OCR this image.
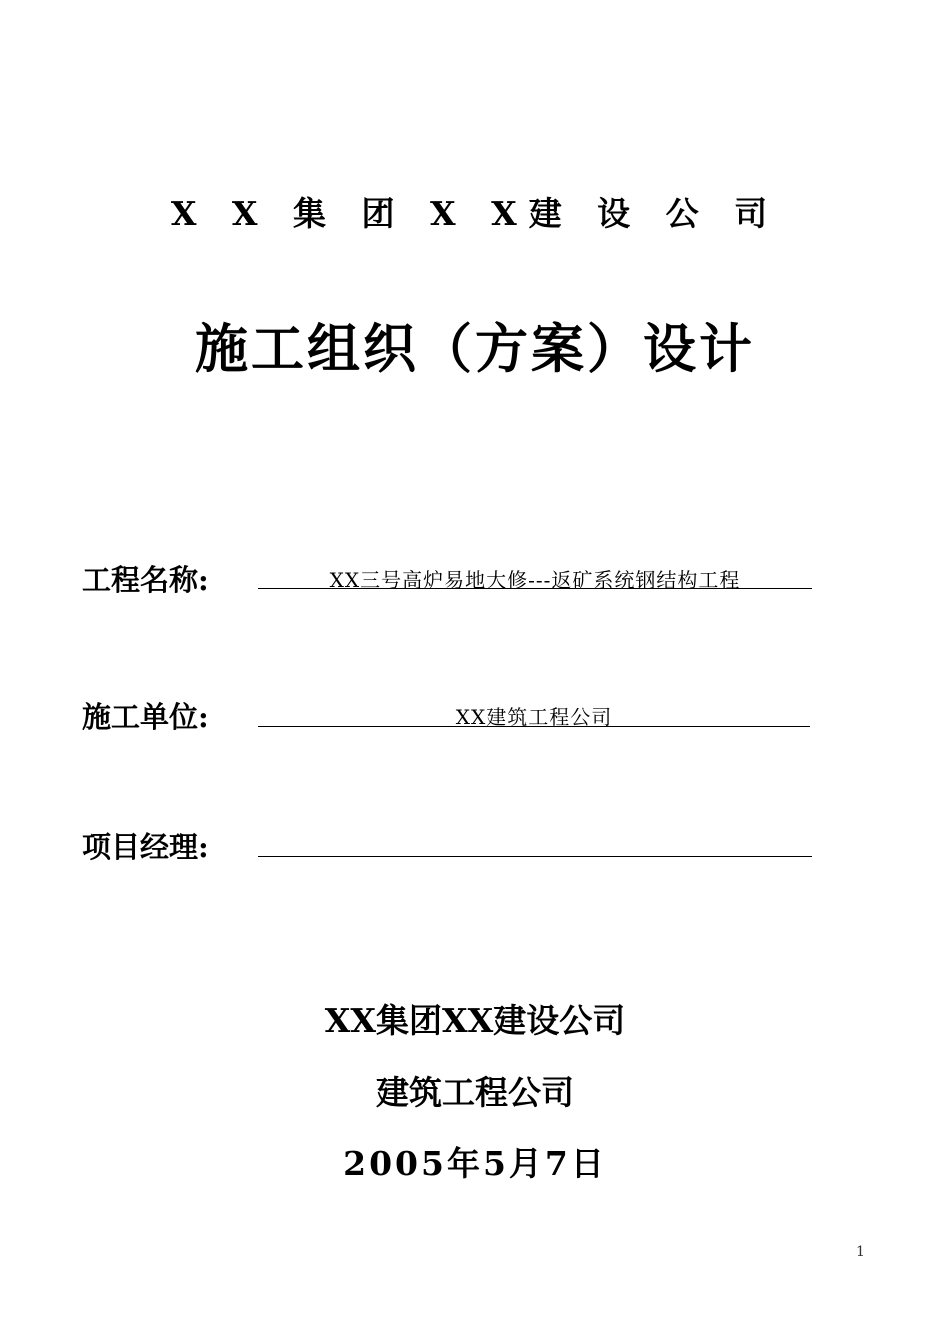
X X 集 团 X X建 设 公 司
施工组织（方案）设计
工程名称:	XX三号高炉易地大修---返矿系统钢结构工程
施工单位:	XX建筑工程公司
项目经理:
XX集团XX建设公司
建筑工程公司
2005年5月7日
1
